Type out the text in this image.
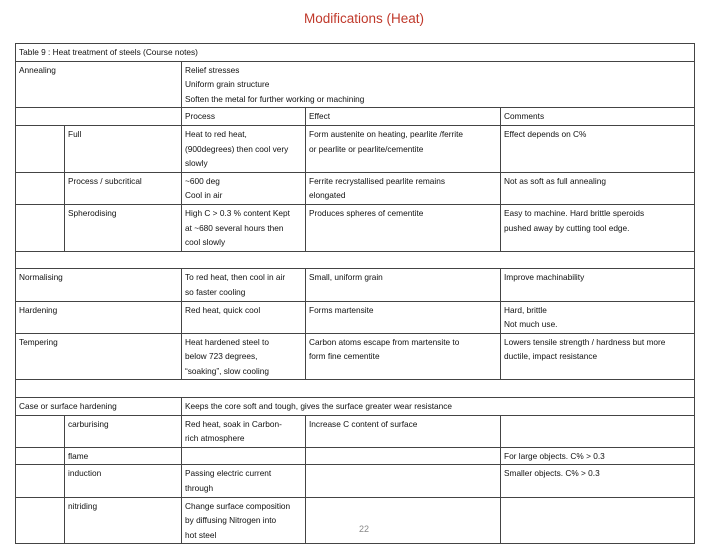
Modifications (Heat)
Table 9 : Heat treatment of steels (Course notes)				
Annealing		Relief stresses
Uniform grain structure
Soften the metal for further working or machining		

		Process	Effect	Comments
	Full	Heat to red heat,
(900degrees) then cool very
slowly	Form austenite on heating, pearlite /ferrite
or pearlite or pearlite/cementite	Effect depends on C%

	Process / subcritical	~600 deg
Cool in air	Ferrite recrystallised pearlite remains
elongated	Not as soft as full annealing

	Spherodising	High C > 0.3 % content Kept
at ~680 several hours then
cool slowly	Produces spheres of cementite	Easy to machine. Hard brittle speroids
pushed away by cutting tool edge.

Normalising		To red heat, then cool in air
so faster cooling	Small, uniform grain	Improve machinability

Hardening		Red heat, quick cool	Forms martensite	Hard, brittle
Not much use.

Tempering		Heat hardened steel to
below 723 degrees,
“soaking”, slow cooling	Carbon atoms escape from martensite to
form fine cementite	Lowers tensile strength / hardness but more
ductile, impact resistance

Case or surface hardening		Keeps the core soft and tough, gives the surface greater wear resistance		
	carburising	Red heat, soak in Carbon-
rich atmosphere	Increase C content of surface	

	flame			For large objects. C% > 0.3

	induction	Passing electric current
through		Smaller objects. C% > 0.3

	nitriding	Change surface composition
by diffusing Nitrogen into
hot steel		

22
